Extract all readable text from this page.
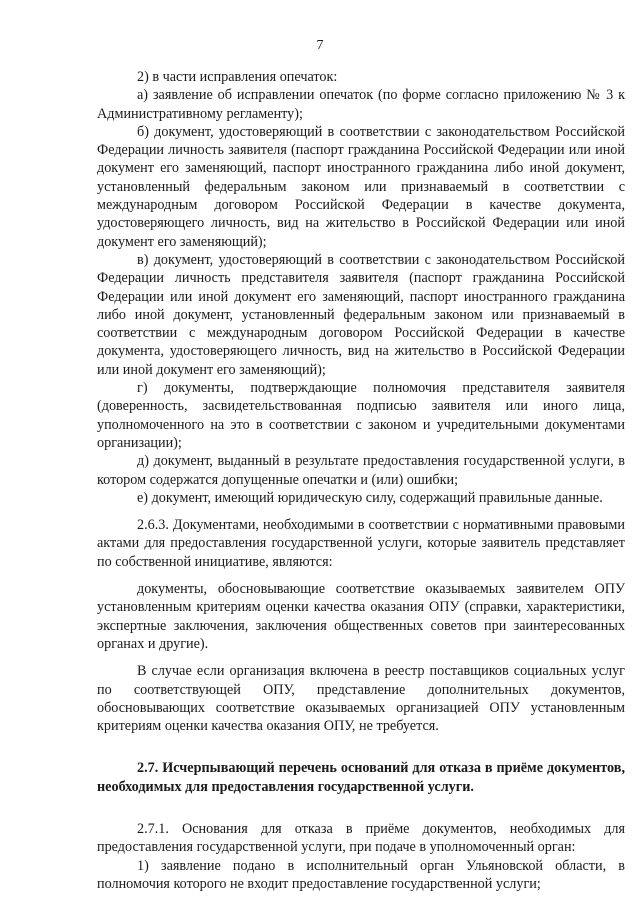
7

2) в части исправления опечаток:

а) заявление об исправлении опечаток (по форме согласно приложению № 3 к Административному регламенту);

б) документ, удостоверяющий в соответствии с законодательством Российской Федерации личность заявителя (паспорт гражданина Российской Федерации или иной документ его заменяющий, паспорт иностранного гражданина либо иной документ, установленный федеральным законом или признаваемый в соответствии с международным договором Российской Федерации в качестве документа, удостоверяющего личность, вид на жительство в Российской Федерации или иной документ его заменяющий);

в) документ, удостоверяющий в соответствии с законодательством Российской Федерации личность представителя заявителя (паспорт гражданина Российской Федерации или иной документ его заменяющий, паспорт иностранного гражданина либо иной документ, установленный федеральным законом или признаваемый в соответствии с международным договором Российской Федерации в качестве документа, удостоверяющего личность, вид на жительство в Российской Федерации или иной документ его заменяющий);

г) документы, подтверждающие полномочия представителя заявителя (доверенность, засвидетельствованная подписью заявителя или иного лица, уполномоченного на это в соответствии с законом и учредительными документами организации);

д) документ, выданный в результате предоставления государственной услуги, в котором содержатся допущенные опечатки и (или) ошибки;

е) документ, имеющий юридическую силу, содержащий правильные данные.

2.6.3. Документами, необходимыми в соответствии с нормативными правовыми актами для предоставления государственной услуги, которые заявитель представляет по собственной инициативе, являются:

документы, обосновывающие соответствие оказываемых заявителем ОПУ установленным критериям оценки качества оказания ОПУ (справки, характеристики, экспертные заключения, заключения общественных советов при заинтересованных органах и другие).

В случае если организация включена в реестр поставщиков социальных услуг по соответствующей ОПУ, представление дополнительных документов, обосновывающих соответствие оказываемых организацией ОПУ установленным критериям оценки качества оказания ОПУ, не требуется.

2.7. Исчерпывающий перечень оснований для отказа в приёме документов, необходимых для предоставления государственной услуги.

2.7.1. Основания для отказа в приёме документов, необходимых для предоставления государственной услуги, при подаче в уполномоченный орган:

1) заявление подано в исполнительный орган Ульяновской области, в полномочия которого не входит предоставление государственной услуги;
